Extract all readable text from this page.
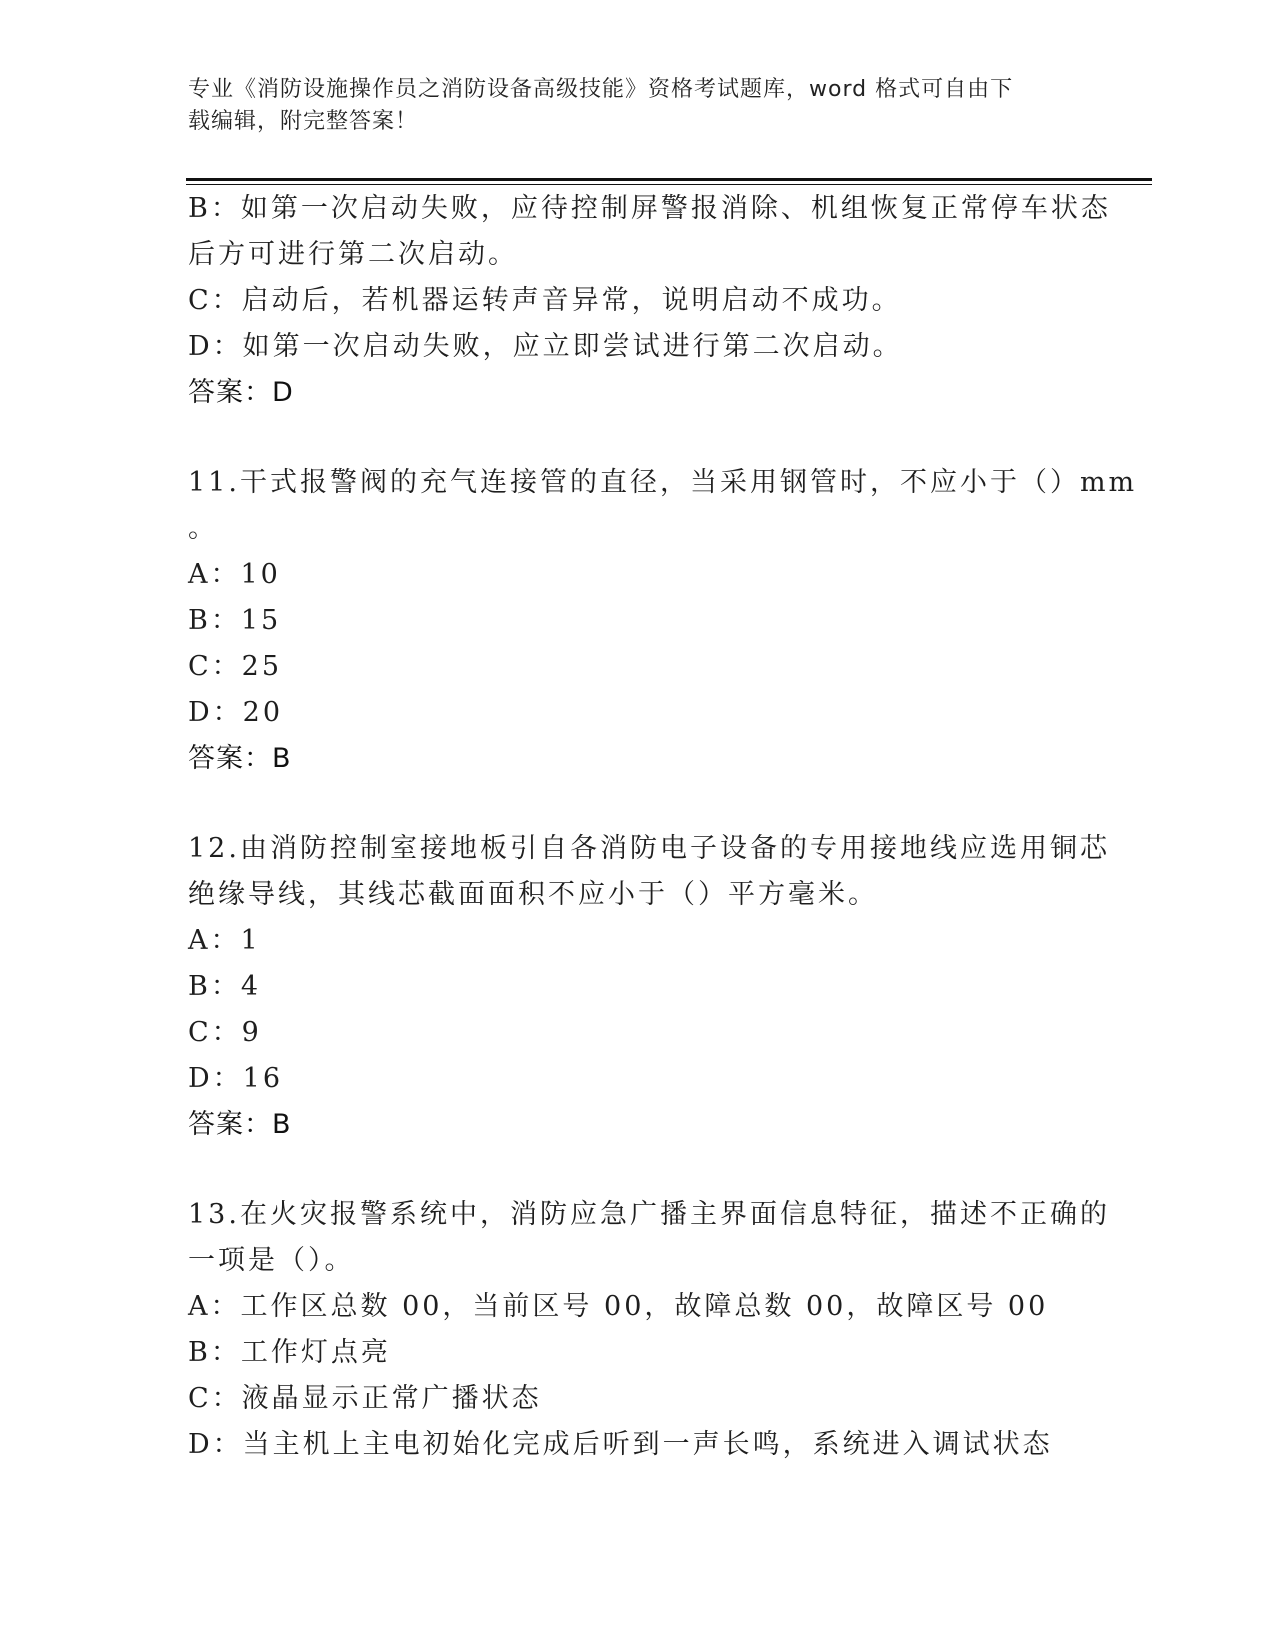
专业《消防设施操作员之消防设备高级技能》资格考试题库，word 格式可自由下
载编辑，附完整答案！
B：如第一次启动失败，应待控制屏警报消除、机组恢复正常停车状态
后方可进行第二次启动。
C：启动后，若机器运转声音异常，说明启动不成功。
D：如第一次启动失败，应立即尝试进行第二次启动。
答案：D
11.干式报警阀的充气连接管的直径，当采用钢管时，不应小于（）mm
。
A：10
B：15
C：25
D：20
答案：B
12.由消防控制室接地板引自各消防电子设备的专用接地线应选用铜芯
绝缘导线，其线芯截面面积不应小于（）平方毫米。
A：1
B：4
C：9
D：16
答案：B
13.在火灾报警系统中，消防应急广播主界面信息特征，描述不正确的
一项是（）。
A：工作区总数 00，当前区号 00，故障总数 00，故障区号 00
B：工作灯点亮
C：液晶显示正常广播状态
D：当主机上主电初始化完成后听到一声长鸣，系统进入调试状态
